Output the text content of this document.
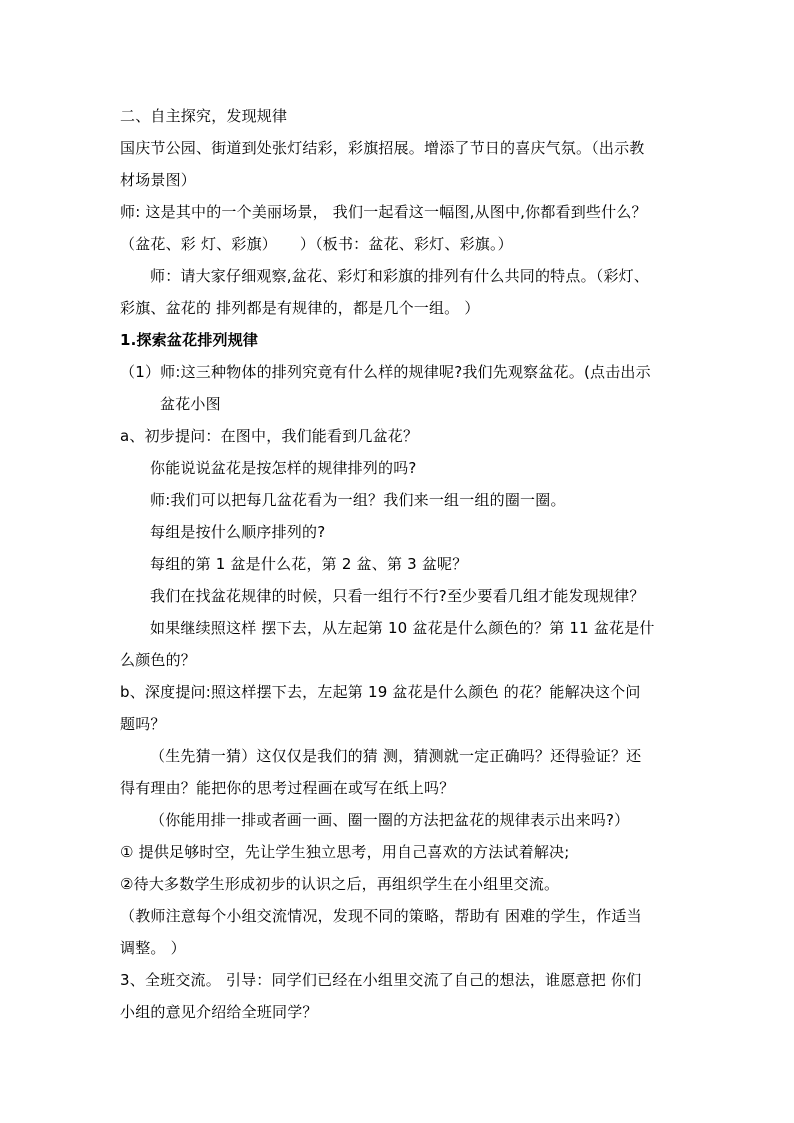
二、自主探究，发现规律
国庆节公园、街道到处张灯结彩，彩旗招展。增添了节日的喜庆气氛。（出示教
材场景图）
师: 这是其中的一个美丽场景， 我们一起看这一幅图,从图中,你都看到些什么？
（盆花、彩 灯、彩旗）　　）（板书：盆花、彩灯、彩旗。）
师：请大家仔细观察,盆花、彩灯和彩旗的排列有什么共同的特点。（彩灯、
彩旗、盆花的 排列都是有规律的，都是几个一组。 ）
1.探索盆花排列规律
（1）师:这三种物体的排列究竟有什么样的规律呢?我们先观察盆花。(点击出示
盆花小图
a、初步提问：在图中，我们能看到几盆花？
你能说说盆花是按怎样的规律排列的吗?
师:我们可以把每几盆花看为一组？我们来一组一组的圈一圈。
每组是按什么顺序排列的?
每组的第 1 盆是什么花，第 2 盆、第 3 盆呢？
我们在找盆花规律的时候，只看一组行不行?至少要看几组才能发现规律？
如果继续照这样 摆下去，从左起第 10 盆花是什么颜色的？第 11 盆花是什
么颜色的？
b、深度提问:照这样摆下去，左起第 19 盆花是什么颜色 的花？能解决这个问
题吗？
（生先猜一猜）这仅仅是我们的猜 测，猜测就一定正确吗？还得验证？还
得有理由？能把你的思考过程画在或写在纸上吗？
（你能用排一排或者画一画、圈一圈的方法把盆花的规律表示出来吗?）
① 提供足够时空，先让学生独立思考，用自己喜欢的方法试着解决;
②待大多数学生形成初步的认识之后，再组织学生在小组里交流。
（教师注意每个小组交流情况，发现不同的策略，帮助有 困难的学生，作适当
调整。 ）
3、全班交流。 引导：同学们已经在小组里交流了自己的想法，谁愿意把 你们
小组的意见介绍给全班同学？
